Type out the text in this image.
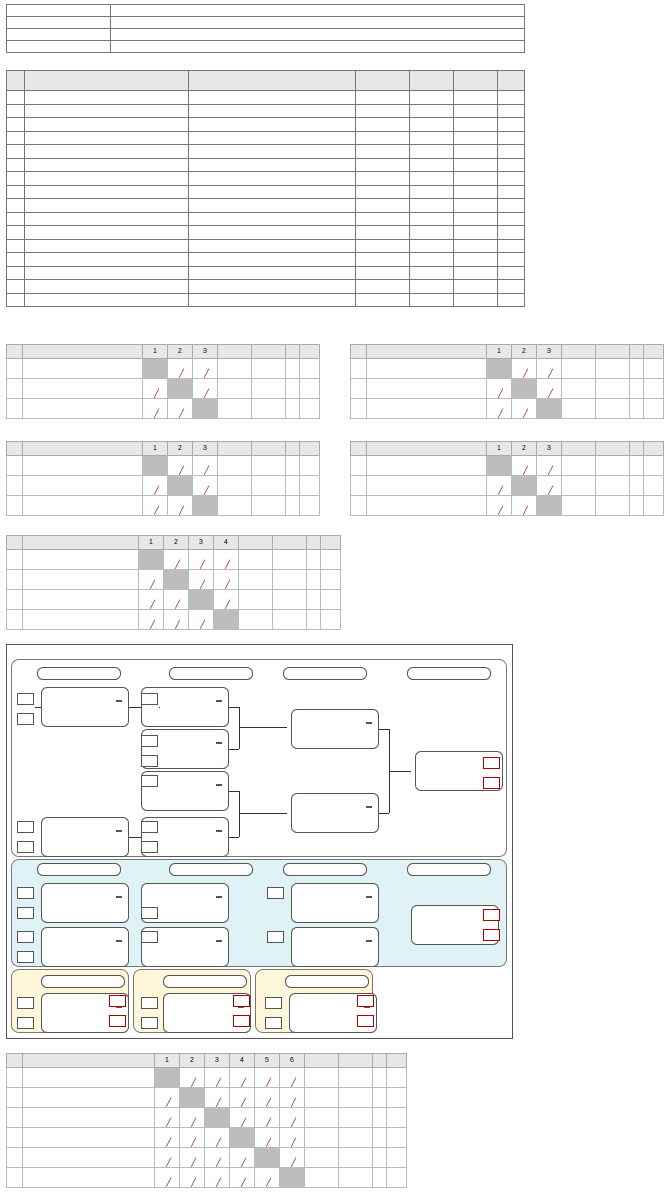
		1	2	3				

			╱	╱				

		╱		╱				

		╱	╱					

		1	2	3				

			╱	╱				

		╱		╱				

		╱	╱					

		1	2	3				

			╱	╱				

		╱		╱				

		╱	╱					

		1	2	3				

			╱	╱				

		╱		╱				

		╱	╱					

		1	2	3	4				

			╱	╱	╱				

		╱		╱	╱				

		╱	╱		╱				

		╱	╱	╱					

		1	2	3	4	5	6				

			╱	╱	╱	╱	╱				

		╱		╱	╱	╱	╱				

		╱	╱		╱	╱	╱				

		╱	╱	╱		╱	╱				

		╱	╱	╱	╱		╱				

		╱	╱	╱	╱	╱					
